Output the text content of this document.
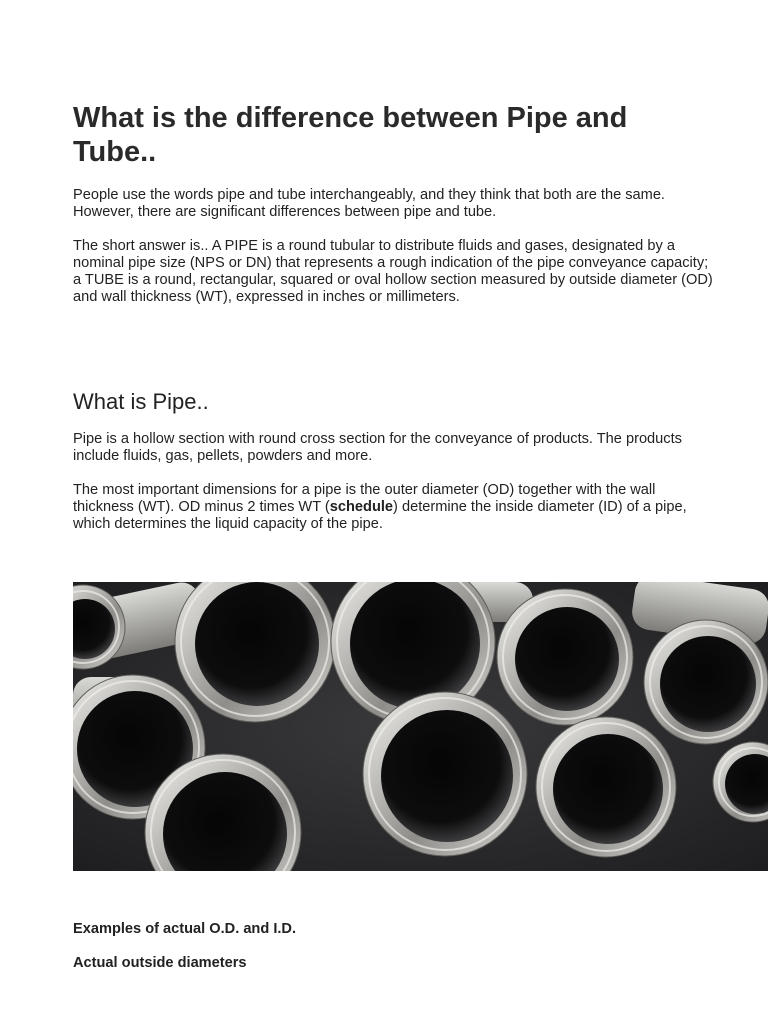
What is the difference between Pipe and Tube..

People use the words pipe and tube interchangeably, and they think that both are the same. However, there are significant differences between pipe and tube.

The short answer is.. A PIPE is a round tubular to distribute fluids and gases, designated by a nominal pipe size (NPS or DN) that represents a rough indication of the pipe conveyance capacity; a TUBE is a round, rectangular, squared or oval hollow section measured by outside diameter (OD) and wall thickness (WT), expressed in inches or millimeters.

What is Pipe..

Pipe is a hollow section with round cross section for the conveyance of products. The products include fluids, gas, pellets, powders and more.

The most important dimensions for a pipe is the outer diameter (OD) together with the wall thickness (WT). OD minus 2 times WT (schedule) determine the inside diameter (ID) of a pipe, which determines the liquid capacity of the pipe.

Examples of actual O.D. and I.D.

Actual outside diameters
